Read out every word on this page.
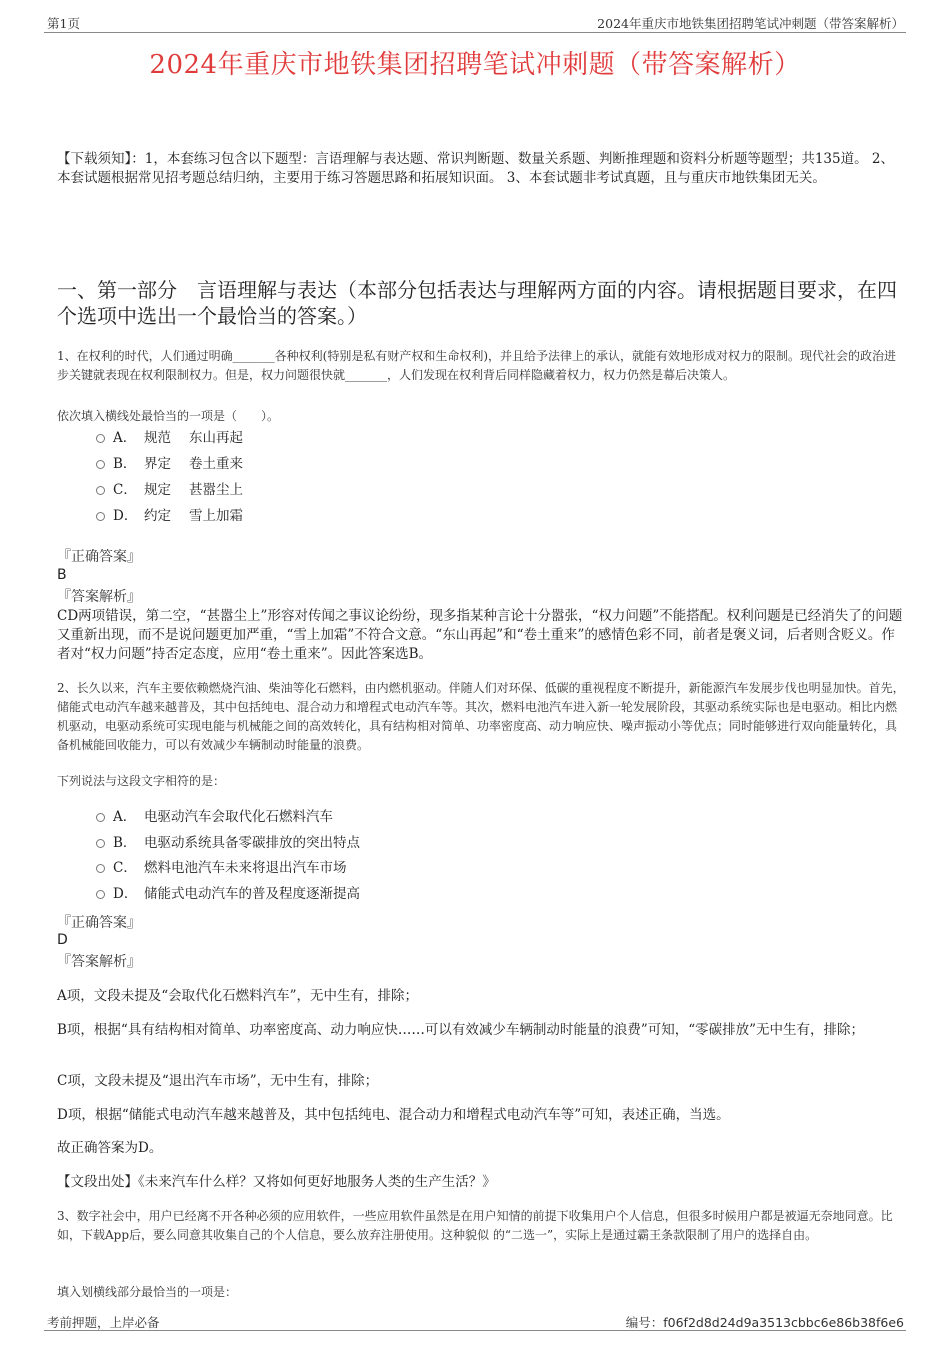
第1页	2024年重庆市地铁集团招聘笔试冲刺题（带答案解析）
2024年重庆市地铁集团招聘笔试冲刺题（带答案解析）
【下载须知】：1，本套练习包含以下题型：言语理解与表达题、常识判断题、数量关系题、判断推理题和资料分析题等题型；共135道。 2、本套试题根据常见招考题总结归纳，主要用于练习答题思路和拓展知识面。 3、本套试题非考试真题，且与重庆市地铁集团无关。
一、第一部分　言语理解与表达（本部分包括表达与理解两方面的内容。请根据题目要求，在四个选项中选出一个最恰当的答案。）
1、在权利的时代，人们通过明确_______各种权利(特别是私有财产权和生命权利)，并且给予法律上的承认，就能有效地形成对权力的限制。现代社会的政治进步关键就表现在权利限制权力。但是，权力问题很快就_______，人们发现在权利背后同样隐藏着权力，权力仍然是幕后决策人。
依次填入横线处最恰当的一项是（　　）。
A． 规范 东山再起
B． 界定 卷土重来
C． 规定 甚嚣尘上
D． 约定 雪上加霜
『正确答案』
B
『答案解析』
CD两项错误，第二空，“甚嚣尘上”形容对传闻之事议论纷纷，现多指某种言论十分嚣张，“权力问题”不能搭配。权利问题是已经消失了的问题又重新出现，而不是说问题更加严重，“雪上加霜”不符合文意。“东山再起”和“卷土重来”的感情色彩不同，前者是褒义词，后者则含贬义。作者对“权力问题”持否定态度，应用“卷土重来”。因此答案选B。
2、长久以来，汽车主要依赖燃烧汽油、柴油等化石燃料，由内燃机驱动。伴随人们对环保、低碳的重视程度不断提升，新能源汽车发展步伐也明显加快。首先，储能式电动汽车越来越普及，其中包括纯电、混合动力和增程式电动汽车等。其次，燃料电池汽车进入新一轮发展阶段，其驱动系统实际也是电驱动。相比内燃机驱动，电驱动系统可实现电能与机械能之间的高效转化，具有结构相对简单、功率密度高、动力响应快、噪声振动小等优点；同时能够进行双向能量转化，具备机械能回收能力，可以有效减少车辆制动时能量的浪费。
下列说法与这段文字相符的是：
A． 电驱动汽车会取代化石燃料汽车
B． 电驱动系统具备零碳排放的突出特点
C． 燃料电池汽车未来将退出汽车市场
D． 储能式电动汽车的普及程度逐渐提高
『正确答案』
D
『答案解析』
A项，文段未提及“会取代化石燃料汽车”，无中生有，排除；
B项，根据“具有结构相对简单、功率密度高、动力响应快……可以有效减少车辆制动时能量的浪费”可知，“零碳排放”无中生有，排除；
C项，文段未提及“退出汽车市场”，无中生有，排除；
D项，根据“储能式电动汽车越来越普及，其中包括纯电、混合动力和增程式电动汽车等”可知，表述正确，当选。
故正确答案为D。
【文段出处】《未来汽车什么样？又将如何更好地服务人类的生产生活？》
3、数字社会中，用户已经离不开各种必须的应用软件，一些应用软件虽然是在用户知情的前提下收集用户个人信息，但很多时候用户都是被逼无奈地同意。比如，下载App后，要么同意其收集自己的个人信息，要么放弃注册使用。这种貌似 的“二选一”，实际上是通过霸王条款限制了用户的选择自由。
填入划横线部分最恰当的一项是：
考前押题，上岸必备	编号：f06f2d8d24d9a3513cbbc6e86b38f6e6
